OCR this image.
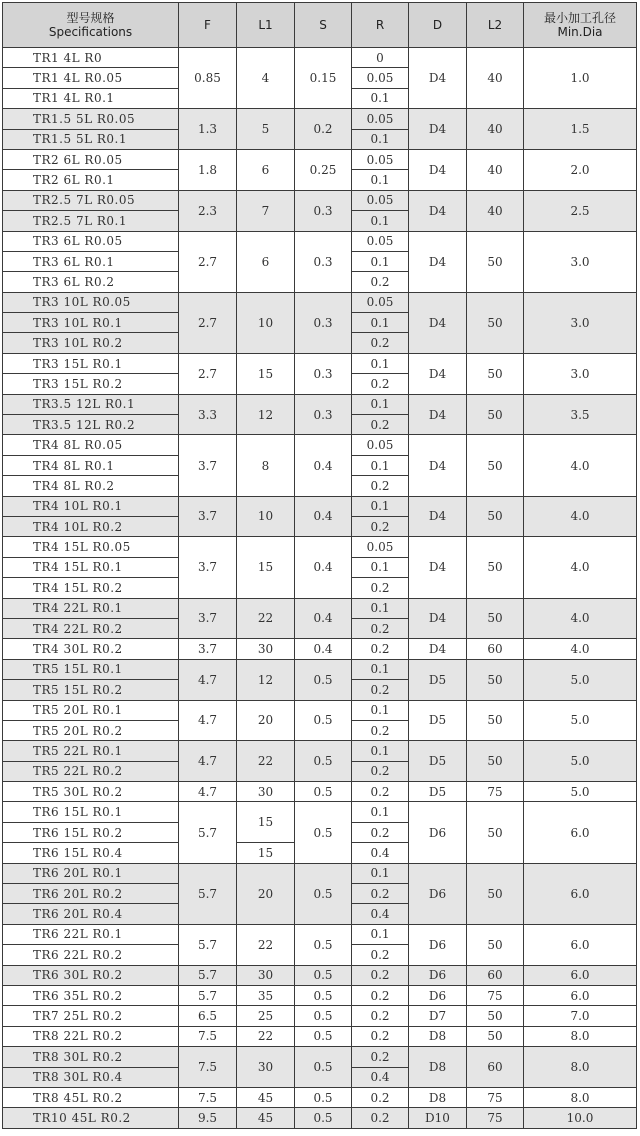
型号规格
Specifications	F	L1	S	R	D	L2	最小加工孔径
Min.Dia

TR1 4L R0	0.85	4	0.15	0	D4	40	1.0
TR1 4L R0.05				0.05			
TR1 4L R0.1				0.1			
TR1.5 5L R0.05	1.3	5	0.2	0.05	D4	40	1.5
TR1.5 5L R0.1				0.1			
TR2 6L R0.05	1.8	6	0.25	0.05	D4	40	2.0
TR2 6L R0.1				0.1			
TR2.5 7L R0.05	2.3	7	0.3	0.05	D4	40	2.5
TR2.5 7L R0.1				0.1			
TR3 6L R0.05	2.7	6	0.3	0.05	D4	50	3.0
TR3 6L R0.1				0.1			
TR3 6L R0.2				0.2			
TR3 10L R0.05	2.7	10	0.3	0.05	D4	50	3.0
TR3 10L R0.1				0.1			
TR3 10L R0.2				0.2			
TR3 15L R0.1	2.7	15	0.3	0.1	D4	50	3.0
TR3 15L R0.2				0.2			
TR3.5 12L R0.1	3.3	12	0.3	0.1	D4	50	3.5
TR3.5 12L R0.2				0.2			
TR4 8L R0.05	3.7	8	0.4	0.05	D4	50	4.0
TR4 8L R0.1				0.1			
TR4 8L R0.2				0.2			
TR4 10L R0.1	3.7	10	0.4	0.1	D4	50	4.0
TR4 10L R0.2				0.2			
TR4 15L R0.05	3.7	15	0.4	0.05	D4	50	4.0
TR4 15L R0.1				0.1			
TR4 15L R0.2				0.2			
TR4 22L R0.1	3.7	22	0.4	0.1	D4	50	4.0
TR4 22L R0.2				0.2			
TR4 30L R0.2	3.7	30	0.4	0.2	D4	60	4.0
TR5 15L R0.1	4.7	12	0.5	0.1	D5	50	5.0
TR5 15L R0.2				0.2			
TR5 20L R0.1	4.7	20	0.5	0.1	D5	50	5.0
TR5 20L R0.2				0.2			
TR5 22L R0.1	4.7	22	0.5	0.1	D5	50	5.0
TR5 22L R0.2				0.2			
TR5 30L R0.2	4.7	30	0.5	0.2	D5	75	5.0
TR6 15L R0.1	5.7	15	0.5	0.1	D6	50	6.0
TR6 15L R0.2				0.2			
TR6 15L R0.4		15		0.4			
TR6 20L R0.1	5.7	20	0.5	0.1	D6	50	6.0
TR6 20L R0.2				0.2			
TR6 20L R0.4				0.4			
TR6 22L R0.1	5.7	22	0.5	0.1	D6	50	6.0
TR6 22L R0.2				0.2			
TR6 30L R0.2	5.7	30	0.5	0.2	D6	60	6.0
TR6 35L R0.2	5.7	35	0.5	0.2	D6	75	6.0
TR7 25L R0.2	6.5	25	0.5	0.2	D7	50	7.0
TR8 22L R0.2	7.5	22	0.5	0.2	D8	50	8.0
TR8 30L R0.2	7.5	30	0.5	0.2	D8	60	8.0
TR8 30L R0.4				0.4			
TR8 45L R0.2	7.5	45	0.5	0.2	D8	75	8.0
TR10 45L R0.2	9.5	45	0.5	0.2	D10	75	10.0
